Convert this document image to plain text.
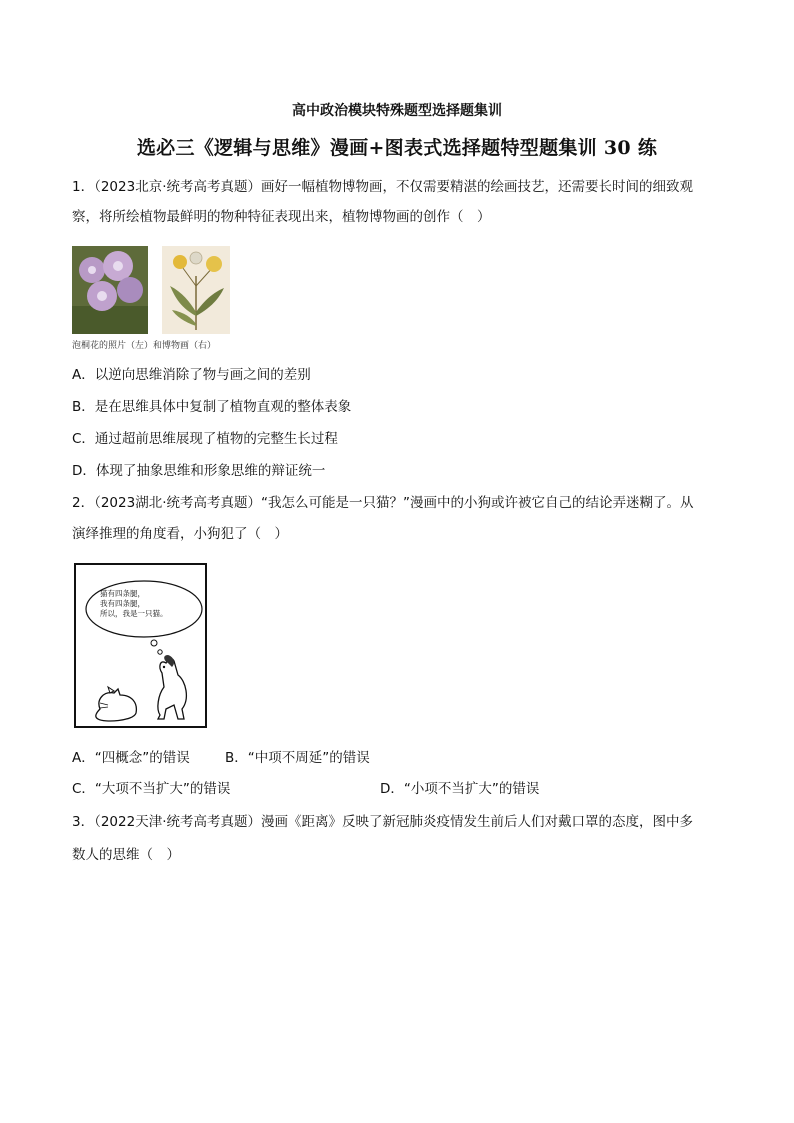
高中政治模块特殊题型选择题集训
选必三《逻辑与思维》漫画+图表式选择题特型题集训 30 练
1．（2023北京·统考高考真题）画好一幅植物博物画，不仅需要精湛的绘画技艺，还需要长时间的细致观
察，将所绘植物最鲜明的物种特征表现出来，植物博物画的创作（　）
泡桐花的照片（左）和博物画（右）
A．以逆向思维消除了物与画之间的差别
B．是在思维具体中复制了植物直观的整体表象
C．通过超前思维展现了植物的完整生长过程
D．体现了抽象思维和形象思维的辩证统一
2．（2023湖北·统考高考真题）“我怎么可能是一只猫？”漫画中的小狗或许被它自己的结论弄迷糊了。从
演绎推理的角度看，小狗犯了（　）
猫有四条腿，
我有四条腿，
所以，我是一只猫。
A．“四概念”的错误	B．“中项不周延”的错误
C．“大项不当扩大”的错误	D．“小项不当扩大”的错误
3．（2022天津·统考高考真题）漫画《距离》反映了新冠肺炎疫情发生前后人们对戴口罩的态度，图中多
数人的思维（　）
